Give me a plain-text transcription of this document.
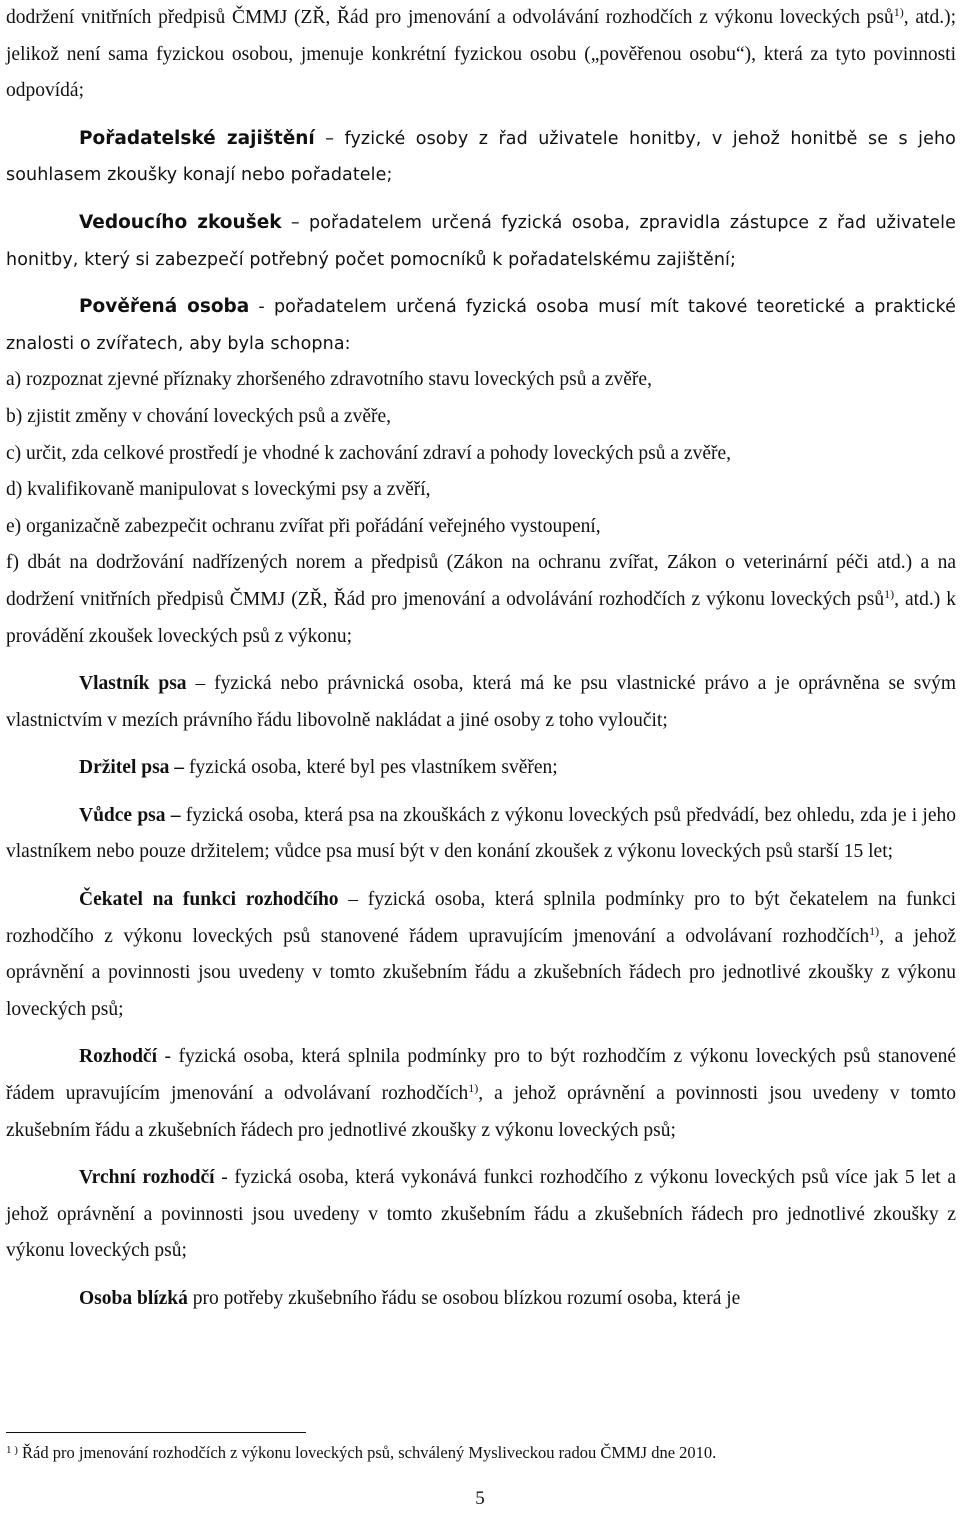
dodržení vnitřních předpisů ČMMJ (ZŘ, Řád pro jmenování a odvolávání rozhodčích z výkonu loveckých psů$^{1)}$, atd.); jelikož není sama fyzickou osobou, jmenuje konkrétní fyzickou osobu („pověřenou osobu“), která za tyto povinnosti odpovídá;

Pořadatelské zajištění – fyzické osoby z řad uživatele honitby, v jehož honitbě se s jeho souhlasem zkoušky konají nebo pořadatele;

Vedoucího zkoušek – pořadatelem určená fyzická osoba, zpravidla zástupce z řad uživatele honitby, který si zabezpečí potřebný počet pomocníků k pořadatelskému zajištění;

Pověřená osoba - pořadatelem určená fyzická osoba musí mít takové teoretické a praktické znalosti o zvířatech, aby byla schopna:

a) rozpoznat zjevné příznaky zhoršeného zdravotního stavu loveckých psů a zvěře,

b) zjistit změny v chování loveckých psů a zvěře,

c) určit, zda celkové prostředí je vhodné k zachování zdraví a pohody loveckých psů a zvěře,

d) kvalifikovaně manipulovat s loveckými psy a zvěří,

e) organizačně zabezpečit ochranu zvířat při pořádání veřejného vystoupení,

f) dbát na dodržování nadřízených norem a předpisů (Zákon na ochranu zvířat, Zákon o veterinární péči atd.) a na dodržení vnitřních předpisů ČMMJ (ZŘ, Řád pro jmenování a odvolávání rozhodčích z výkonu loveckých psů$^{1)}$, atd.) k provádění zkoušek loveckých psů z výkonu;

Vlastník psa – fyzická nebo právnická osoba, která má ke psu vlastnické právo a je oprávněna se svým vlastnictvím v mezích právního řádu libovolně nakládat a jiné osoby z toho vyloučit;

Držitel psa – fyzická osoba, které byl pes vlastníkem svěřen;

Vůdce psa – fyzická osoba, která psa na zkouškách z výkonu loveckých psů předvádí, bez ohledu, zda je i jeho vlastníkem nebo pouze držitelem; vůdce psa musí být v den konání zkoušek z výkonu loveckých psů starší 15 let;

Čekatel na funkci rozhodčího – fyzická osoba, která splnila podmínky pro to být čekatelem na funkci rozhodčího z výkonu loveckých psů stanovené řádem upravujícím jmenování a odvolávaní rozhodčích$^{1)}$, a jehož oprávnění a povinnosti jsou uvedeny v tomto zkušebním řádu a zkušebních řádech pro jednotlivé zkoušky z výkonu loveckých psů;

Rozhodčí - fyzická osoba, která splnila podmínky pro to být rozhodčím z výkonu loveckých psů stanovené řádem upravujícím jmenování a odvolávaní rozhodčích$^{1)}$, a jehož oprávnění a povinnosti jsou uvedeny v tomto zkušebním řádu a zkušebních řádech pro jednotlivé zkoušky z výkonu loveckých psů;

Vrchní rozhodčí - fyzická osoba, která vykonává funkci rozhodčího z výkonu loveckých psů více jak 5 let a jehož oprávnění a povinnosti jsou uvedeny v tomto zkušebním řádu a zkušebních řádech pro jednotlivé zkoušky z výkonu loveckých psů;

Osoba blízká pro potřeby zkušebního řádu se osobou blízkou rozumí osoba, která je

$^{1 )}$ Řád pro jmenování rozhodčích z výkonu loveckých psů, schválený Mysliveckou radou ČMMJ dne 2010.
5
